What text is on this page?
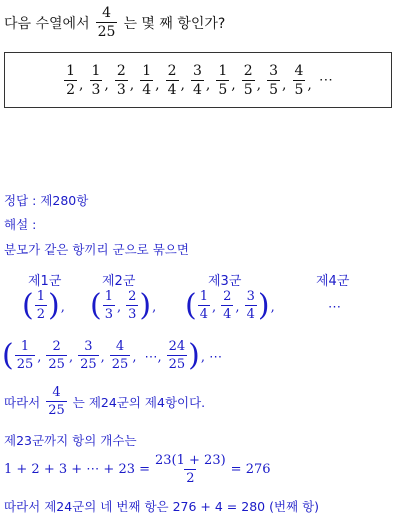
다음 수열에서 $\frac{4}{25}$ 는 몇 째 항인가?
$\frac{1}{2}$ , $\frac{1}{3}$ , $\frac{2}{3}$ , $\frac{1}{4}$ , $\frac{2}{4}$ , $\frac{3}{4}$ , $\frac{1}{5}$ , $\frac{2}{5}$ , $\frac{3}{5}$ , $\frac{4}{5}$ , ⋯
정답 : 제280항
해설 :
분모가 같은 항끼리 군으로 묶으면
제1군	제2군	제3군	제4군
( $\frac{1}{2}$ ) , ( $\frac{1}{3}$ , $\frac{2}{3}$ ) , ( $\frac{1}{4}$ , $\frac{2}{4}$ , $\frac{3}{4}$ ) ,	⋯
( $\frac{1}{25}$ , $\frac{2}{25}$ , $\frac{3}{25}$ , $\frac{4}{25}$ , ⋯, $\frac{24}{25}$ ) , ⋯
따라서 $\frac{4}{25}$ 는 제24군의 제4항이다.
제23군까지 항의 개수는
1 + 2 + 3 + ⋯ + $23 = \frac{23(1 + 23)}{2} = 276$
따라서 제24군의 네 번째 항은 276 + 4 = 280 (번째 항)
